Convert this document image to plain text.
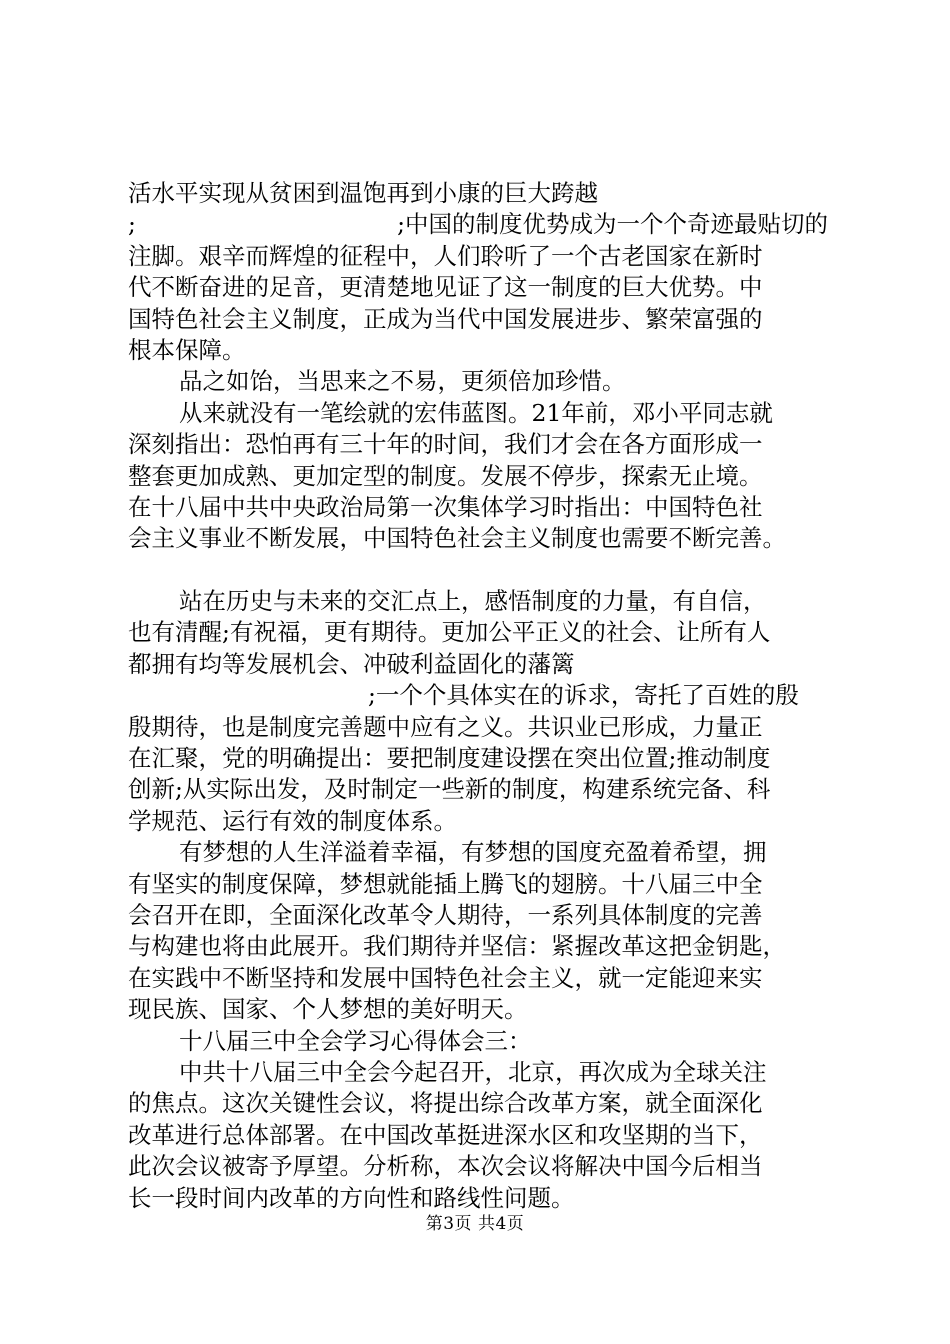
活水平实现从贫困到温饱再到小康的巨大跨越
;	;中国的制度优势成为一个个奇迹最贴切的
注脚。艰辛而辉煌的征程中，人们聆听了一个古老国家在新时
代不断奋进的足音，更清楚地见证了这一制度的巨大优势。中
国特色社会主义制度，正成为当代中国发展进步、繁荣富强的
根本保障。
品之如饴，当思来之不易，更须倍加珍惜。
从来就没有一笔绘就的宏伟蓝图。21年前，邓小平同志就
深刻指出：恐怕再有三十年的时间，我们才会在各方面形成一
整套更加成熟、更加定型的制度。发展不停步，探索无止境。
在十八届中共中央政治局第一次集体学习时指出：中国特色社
会主义事业不断发展，中国特色社会主义制度也需要不断完善。
站在历史与未来的交汇点上，感悟制度的力量，有自信，
也有清醒;有祝福，更有期待。更加公平正义的社会、让所有人
都拥有均等发展机会、冲破利益固化的藩篱
;一个个具体实在的诉求，寄托了百姓的殷
殷期待，也是制度完善题中应有之义。共识业已形成，力量正
在汇聚，党的明确提出：要把制度建设摆在突出位置;推动制度
创新;从实际出发，及时制定一些新的制度，构建系统完备、科
学规范、运行有效的制度体系。
有梦想的人生洋溢着幸福，有梦想的国度充盈着希望，拥
有坚实的制度保障，梦想就能插上腾飞的翅膀。十八届三中全
会召开在即，全面深化改革令人期待，一系列具体制度的完善
与构建也将由此展开。我们期待并坚信：紧握改革这把金钥匙，
在实践中不断坚持和发展中国特色社会主义，就一定能迎来实
现民族、国家、个人梦想的美好明天。
十八届三中全会学习心得体会三：
中共十八届三中全会今起召开，北京，再次成为全球关注
的焦点。这次关键性会议，将提出综合改革方案，就全面深化
改革进行总体部署。在中国改革挺进深水区和攻坚期的当下，
此次会议被寄予厚望。分析称，本次会议将解决中国今后相当
长一段时间内改革的方向性和路线性问题。
第3页 共4页
